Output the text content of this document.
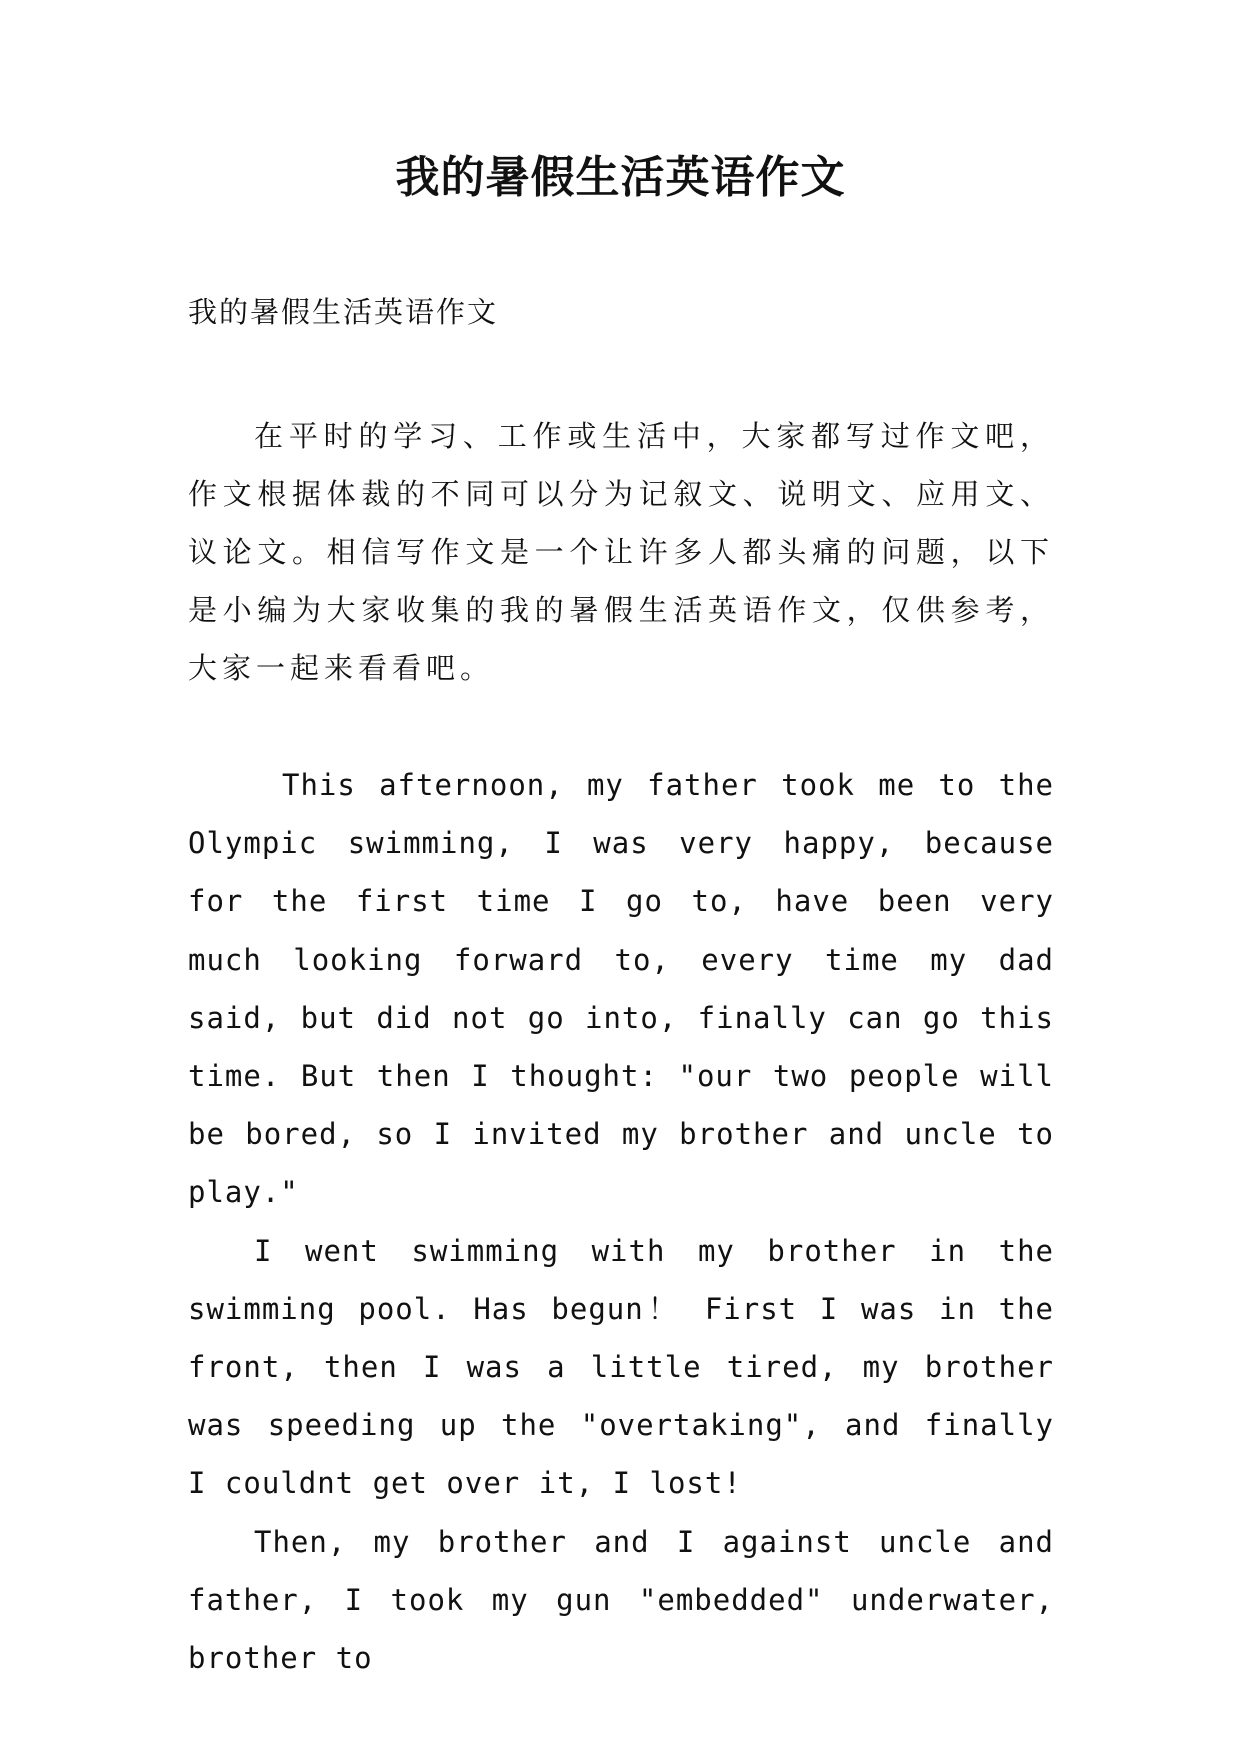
我的暑假生活英语作文
我的暑假生活英语作文

在平时的学习、工作或生活中，大家都写过作文吧，作文根据体裁的不同可以分为记叙文、说明文、应用文、议论文。相信写作文是一个让许多人都头痛的问题，以下是小编为大家收集的我的暑假生活英语作文，仅供参考，大家一起来看看吧。

This afternoon, my father took me to the Olympic swimming, I was very happy, because for the first time I go to, have been very much looking forward to, every time my dad said, but did not go into, finally can go this time. But then I thought: "our two people will be bored, so I invited my brother and uncle to play."

I went swimming with my brother in the swimming pool. Has begun！ First I was in the front, then I was a little tired, my brother was speeding up the "overtaking", and finally I couldnt get over it, I lost!

Then, my brother and I against uncle and father, I took my gun "embedded" underwater, brother to
